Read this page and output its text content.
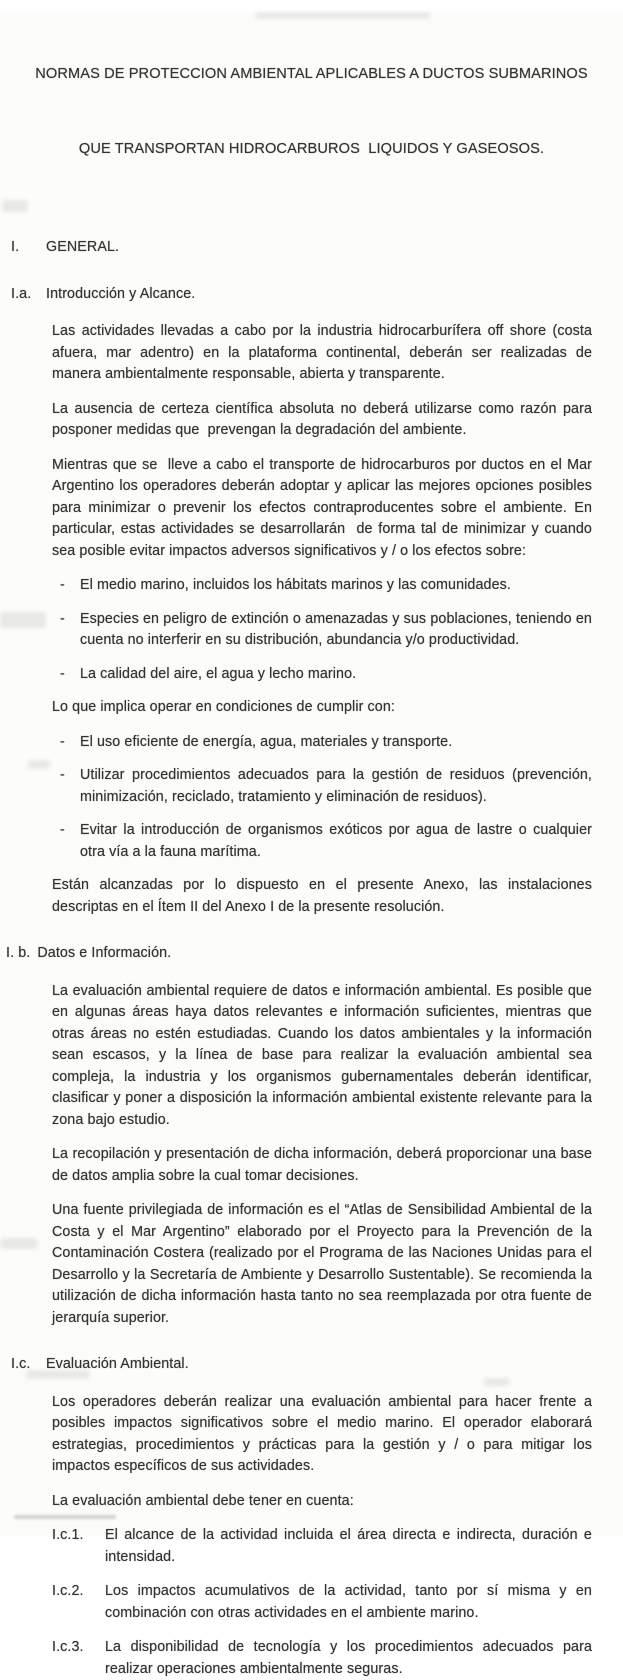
NORMAS DE PROTECCION AMBIENTAL APLICABLES A DUCTOS SUBMARINOS

QUE TRANSPORTAN HIDROCARBUROS  LIQUIDOS Y GASEOSOS.

I.	GENERAL.
I.a.	Introducción y Alcance.
Las actividades llevadas a cabo por la industria hidrocarburífera off shore (costa afuera, mar adentro) en la plataforma continental, deberán ser realizadas de manera ambientalmente responsable, abierta y transparente.
La ausencia de certeza científica absoluta no deberá utilizarse como razón para posponer medidas que  prevengan la degradación del ambiente.
Mientras que se  lleve a cabo el transporte de hidrocarburos por ductos en el Mar Argentino los operadores deberán adoptar y aplicar las mejores opciones posibles para minimizar o prevenir los efectos contraproducentes sobre el ambiente. En particular, estas actividades se desarrollarán  de forma tal de minimizar y cuando sea posible evitar impactos adversos significativos y / o los efectos sobre:
-	El medio marino, incluidos los hábitats marinos y las comunidades.
-	Especies en peligro de extinción o amenazadas y sus poblaciones, teniendo en cuenta no interferir en su distribución, abundancia y/o productividad.
-	La calidad del aire, el agua y lecho marino.
Lo que implica operar en condiciones de cumplir con:
-	El uso eficiente de energía, agua, materiales y transporte.
-	Utilizar procedimientos adecuados para la gestión de residuos (prevención, minimización, reciclado, tratamiento y eliminación de residuos).
-	Evitar la introducción de organismos exóticos por agua de lastre o cualquier otra vía a la fauna marítima.
Están alcanzadas por lo dispuesto en el presente Anexo, las instalaciones descriptas en el Ítem II del Anexo I de la presente resolución.
I. b. Datos e Información.
La evaluación ambiental requiere de datos e información ambiental. Es posible que en algunas áreas haya datos relevantes e información suficientes, mientras que otras áreas no estén estudiadas. Cuando los datos ambientales y la información sean escasos, y la línea de base para realizar la evaluación ambiental sea compleja, la industria y los organismos gubernamentales deberán identificar, clasificar y poner a disposición la información ambiental existente relevante para la zona bajo estudio.
La recopilación y presentación de dicha información, deberá proporcionar una base de datos amplia sobre la cual tomar decisiones.
Una fuente privilegiada de información es el “Atlas de Sensibilidad Ambiental de la Costa y el Mar Argentino” elaborado por el Proyecto para la Prevención de la Contaminación Costera (realizado por el Programa de las Naciones Unidas para el Desarrollo y la Secretaría de Ambiente y Desarrollo Sustentable). Se recomienda la utilización de dicha información hasta tanto no sea reemplazada por otra fuente de jerarquía superior.
I.c.	Evaluación Ambiental.
Los operadores deberán realizar una evaluación ambiental para hacer frente a posibles impactos significativos sobre el medio marino. El operador elaborará estrategias, procedimientos y prácticas para la gestión y / o para mitigar los impactos específicos de sus actividades.
La evaluación ambiental debe tener en cuenta:
I.c.1.	El alcance de la actividad incluida el área directa e indirecta, duración e intensidad.
I.c.2.	Los impactos acumulativos de la actividad, tanto por sí misma y en combinación con otras actividades en el ambiente marino.
I.c.3.	La disponibilidad de tecnología y los procedimientos adecuados para realizar operaciones ambientalmente seguras.
